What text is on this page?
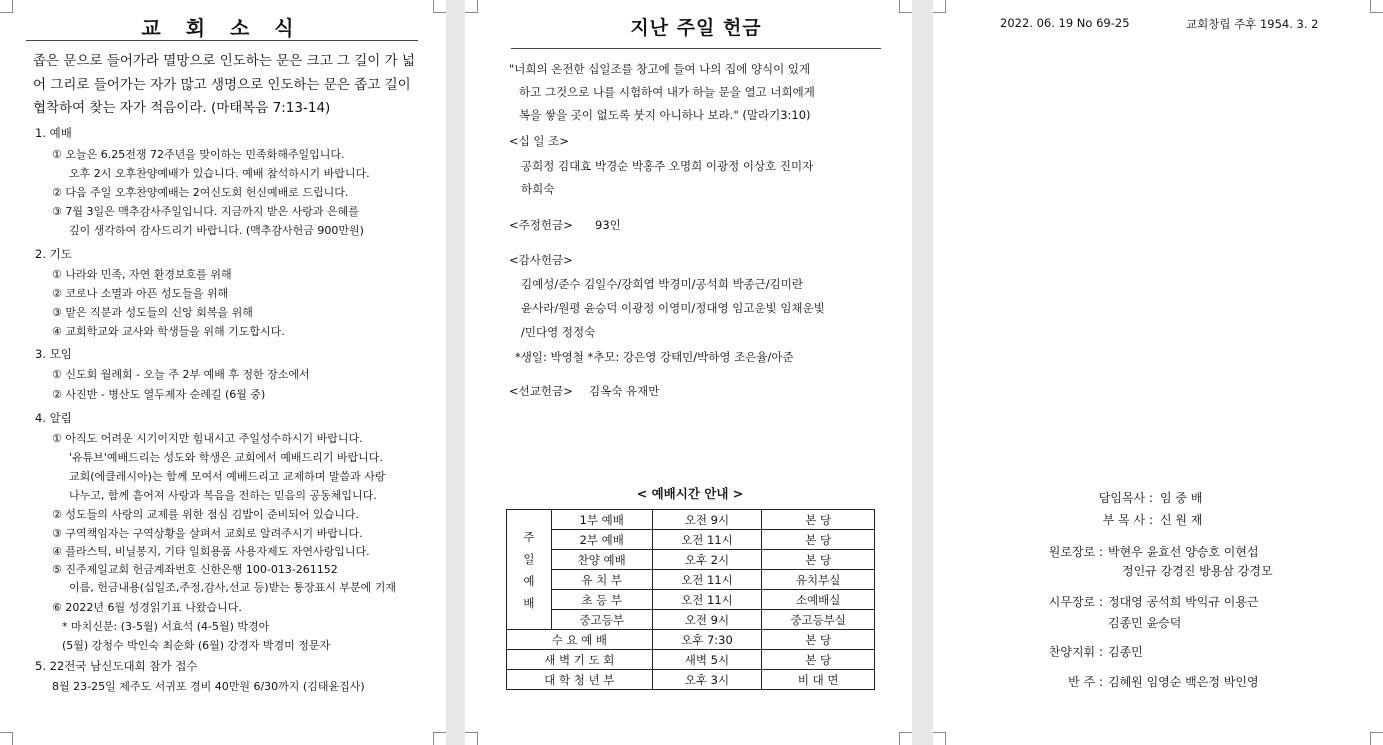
교 회 소 식
좁은 문으로 들어가라 멸망으로 인도하는 문은 크고 그 길이 가 넓어 그리로 들어가는 자가 많고 생명으로 인도하는 문은 좁고 길이 협착하여 찾는 자가 적음이라. (마태복음 7:13-14)
1. 예배
① 오늘은 6.25전쟁 72주년을 맞이하는 민족화해주일입니다.
오후 2시 오후찬양예배가 있습니다. 예배 참석하시기 바랍니다.
② 다음 주일 오후찬양예배는 2여신도회 헌신예배로 드립니다.
③ 7월 3일은 맥추감사주일입니다. 지금까지 받은 사랑과 은혜를
깊이 생각하여 감사드리기 바랍니다. (맥추감사헌금 900만원)
2. 기도
① 나라와 민족, 자연 환경보호를 위해
② 코로나 소멸과 아픈 성도들을 위해
③ 맡은 직분과 성도들의 신앙 회복을 위해
④ 교회학교와 교사와 학생들을 위해 기도합시다.
3. 모임
① 신도회 월례회 - 오늘 주 2부 예배 후 정한 장소에서
② 사진반 - 병산도 열두제자 순례길 (6월 중)
4. 알림
① 아직도 어려운 시기이지만 힘내시고 주일성수하시기 바랍니다.
'유튜브'예배드리는 성도와 학생은 교회에서 예배드리기 바랍니다.
교회(에클레시아)는 함께 모여서 예배드리고 교제하며 말씀과 사랑
나누고, 함께 흩어져 사랑과 복음을 전하는 믿음의 공동체입니다.
② 성도들의 사랑의 교제를 위한 점심 김밥이 준비되어 있습니다.
③ 구역책임자는 구역상황을 살펴서 교회로 알려주시기 바랍니다.
④ 플라스틱, 비닐봉지, 기타 일회용품 사용자제도 자연사랑입니다.
⑤ 진주제일교회 헌금계좌번호 신한은행 100-013-261152
이름, 헌금내용(십일조,주정,감사,선교 등)받는 통장표시 부분에 기재
⑥ 2022년 6월 성경읽기표 나왔습니다.
* 마치신분: (3-5월) 서효석 (4-5월) 박경아
(5월) 강청수 박인숙 최순화 (6월) 강경자 박경미 정문자
5. 22전국 남신도대회 참가 접수
8월 23-25일 제주도 서귀포 경비 40만원 6/30까지 (김태윤집사)
지난 주일 헌금
"너희의 온전한 십일조를 창고에 들여 나의 집에 양식이 있게
하고 그것으로 나를 시험하여 내가 하늘 문을 열고 너희에게
복을 쌓을 곳이 없도록 붓지 아니하나 보라." (말라기3:10)
<십 일 조>
공희정 김대효 박경순 박홍주 오명희 이광정 이상호 진미자
하희숙
<주정헌금> 93인
<감사헌금>
김예성/준수 김일수/강희엽 박경미/공석희 박종근/김미란
윤사라/원평 윤승덕 이광정 이영미/정대영 임고운빛 임채운빛
/민다영 정정숙
*생일: 박영철 *추모: 강은영 강태민/박하영 조은율/아준
<선교헌금> 김옥숙 유재만
< 예배시간 안내 >
주
일
예
배	1부 예배	오전 9시	본 당
	2부 예배	오전 11시	본 당
	찬양 예배	오후 2시	본 당
	유 치 부	오전 11시	유치부실
	초 등 부	오전 11시	소예배실
	중고등부	오전 9시	중고등부실
수 요 예 배		오후 7:30	본 당
새 벽 기 도 회		새벽 5시	본 당
대 학 청 년 부		오후 3시	비 대 면
2022. 06. 19 No 69-25	교회창립 주후 1954. 3. 2
담임목사 : 임 중 배
부 목 사 : 신 원 재
원로장로 : 박현우 윤효선 양승호 이현섭
정인규 강경진 방용삼 강경모
시무장로 : 정대영 공석희 박익규 이용근
김종민 윤승덕
찬양지휘 : 김종민
반 주 : 김혜원 임영순 백은정 박인영
